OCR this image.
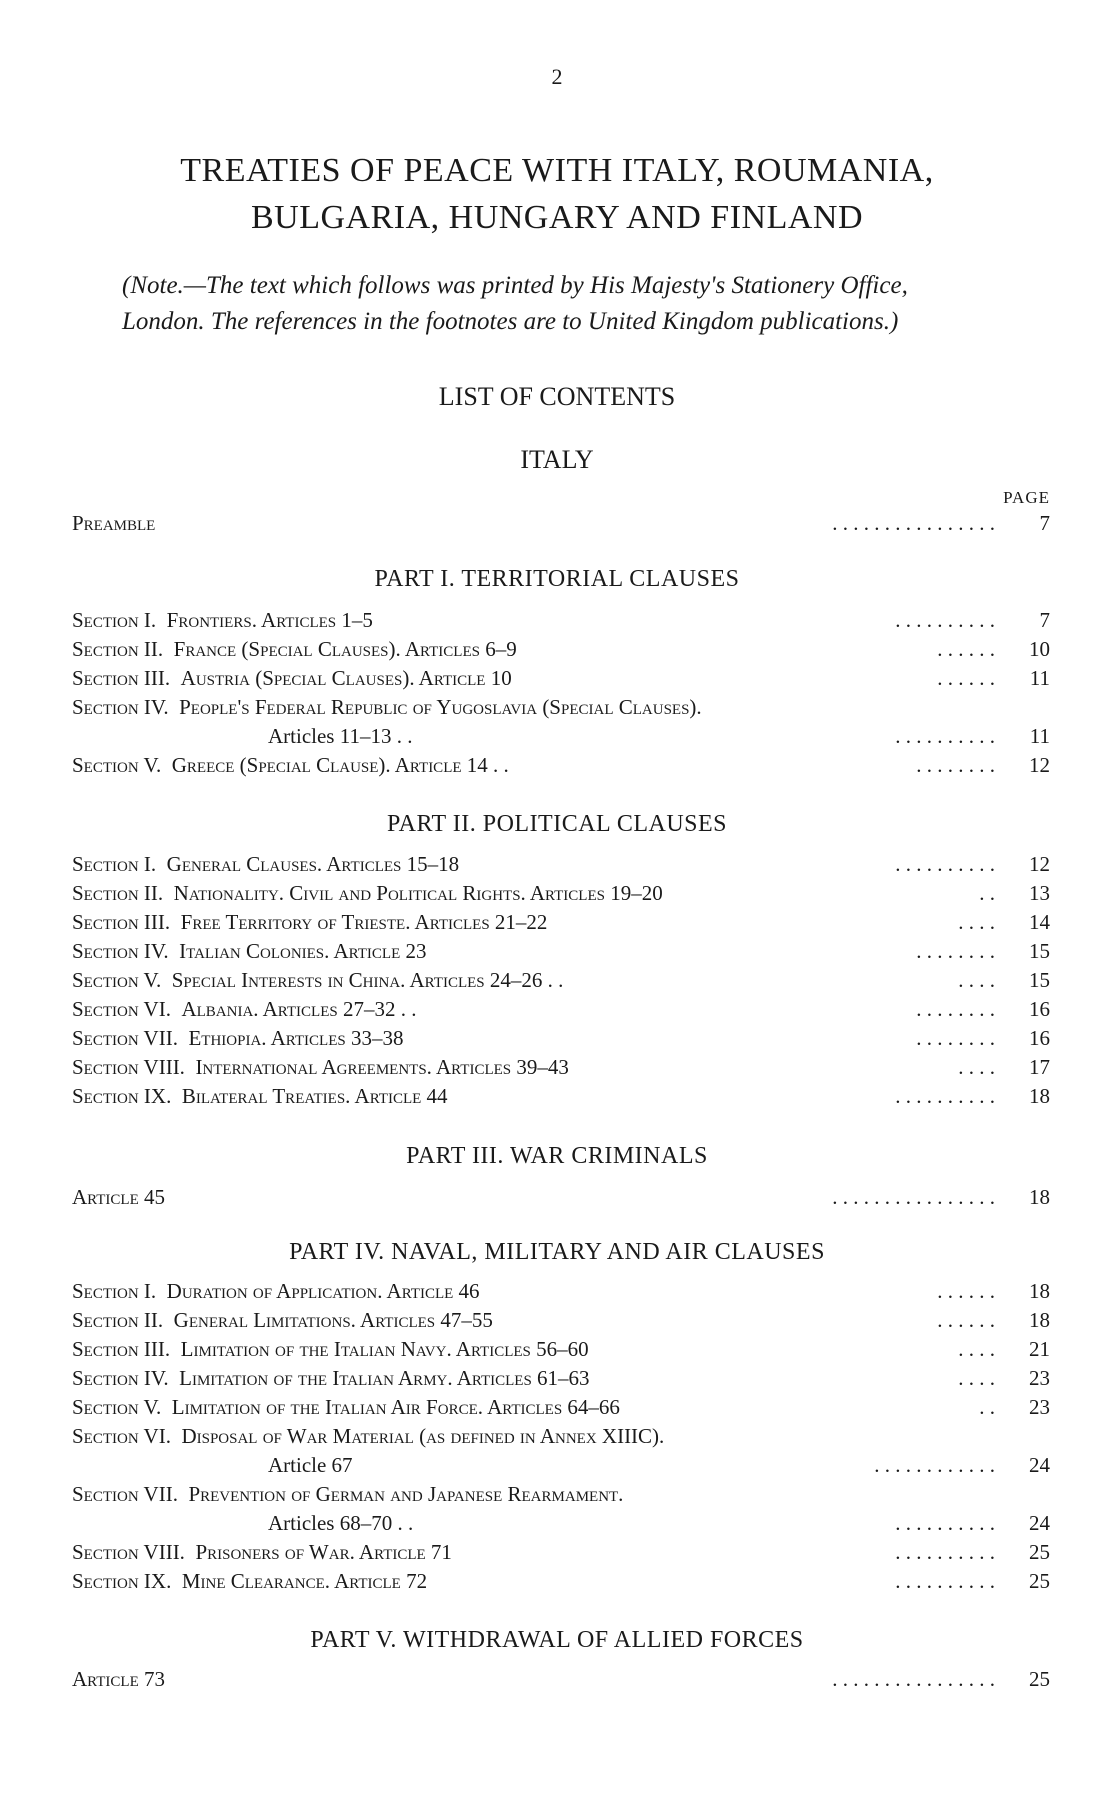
2
TREATIES OF PEACE WITH ITALY, ROUMANIA,
BULGARIA, HUNGARY AND FINLAND
(Note.—The text which follows was printed by His Majesty's Stationery Office,
London. The references in the footnotes are to United Kingdom publications.)
LIST OF CONTENTS
ITALY
PAGE
Preamble	. . . . . . . . . . . . . . . .	7
PART I. TERRITORIAL CLAUSES
Section I. Frontiers. Articles 1–5	. . . . . . . . . .	7
Section II. France (Special Clauses). Articles 6–9	. . . . . .	10
Section III. Austria (Special Clauses). Article 10	. . . . . .	11
Section IV. People's Federal Republic of Yugoslavia (Special Clauses).
Articles 11–13 . .	. . . . . . . . . .	11
Section V. Greece (Special Clause). Article 14 . .	. . . . . . . .	12
PART II. POLITICAL CLAUSES
Section I. General Clauses. Articles 15–18	. . . . . . . . . .	12
Section II. Nationality. Civil and Political Rights. Articles 19–20	. .	13
Section III. Free Territory of Trieste. Articles 21–22	. . . .	14
Section IV. Italian Colonies. Article 23	. . . . . . . .	15
Section V. Special Interests in China. Articles 24–26 . .	. . . .	15
Section VI. Albania. Articles 27–32 . .	. . . . . . . .	16
Section VII. Ethiopia. Articles 33–38	. . . . . . . .	16
Section VIII. International Agreements. Articles 39–43	. . . .	17
Section IX. Bilateral Treaties. Article 44	. . . . . . . . . .	18
PART III. WAR CRIMINALS
Article 45	. . . . . . . . . . . . . . . .	18
PART IV. NAVAL, MILITARY AND AIR CLAUSES
Section I. Duration of Application. Article 46	. . . . . .	18
Section II. General Limitations. Articles 47–55	. . . . . .	18
Section III. Limitation of the Italian Navy. Articles 56–60	. . . .	21
Section IV. Limitation of the Italian Army. Articles 61–63	. . . .	23
Section V. Limitation of the Italian Air Force. Articles 64–66	. .	23
Section VI. Disposal of War Material (as defined in Annex XIIIC).
Article 67	. . . . . . . . . . . .	24
Section VII. Prevention of German and Japanese Rearmament.
Articles 68–70 . .	. . . . . . . . . .	24
Section VIII. Prisoners of War. Article 71	. . . . . . . . . .	25
Section IX. Mine Clearance. Article 72	. . . . . . . . . .	25
PART V. WITHDRAWAL OF ALLIED FORCES
Article 73	. . . . . . . . . . . . . . . .	25
